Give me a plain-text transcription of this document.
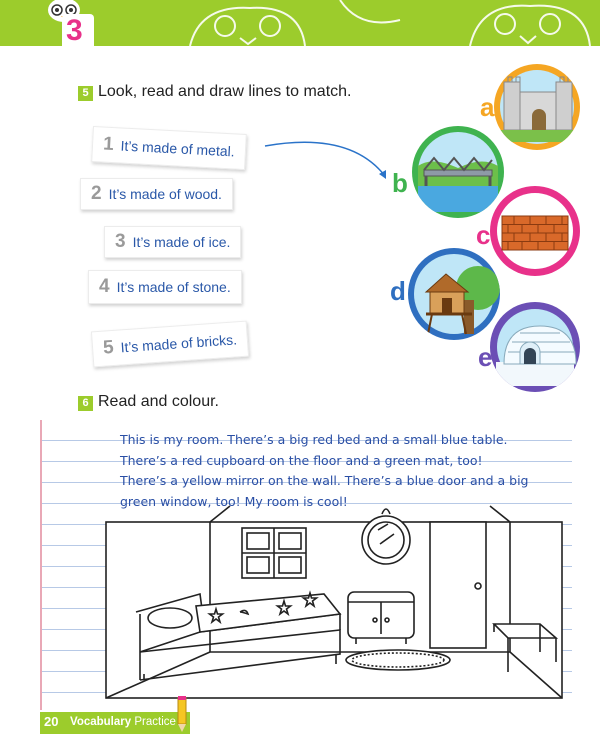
3
5 Look, read and draw lines to match.
1 It’s made of metal.
2 It’s made of wood.
3 It’s made of ice.
4 It’s made of stone.
5 It’s made of bricks.
a
b
c
d
e
6 Read and colour.
This is my room. There’s a big red bed and a small blue table.
There’s a red cupboard on the floor and a green mat, too!
There’s a yellow mirror on the wall. There’s a blue door and a big
green window, too! My room is cool!
20 Vocabulary Practice
